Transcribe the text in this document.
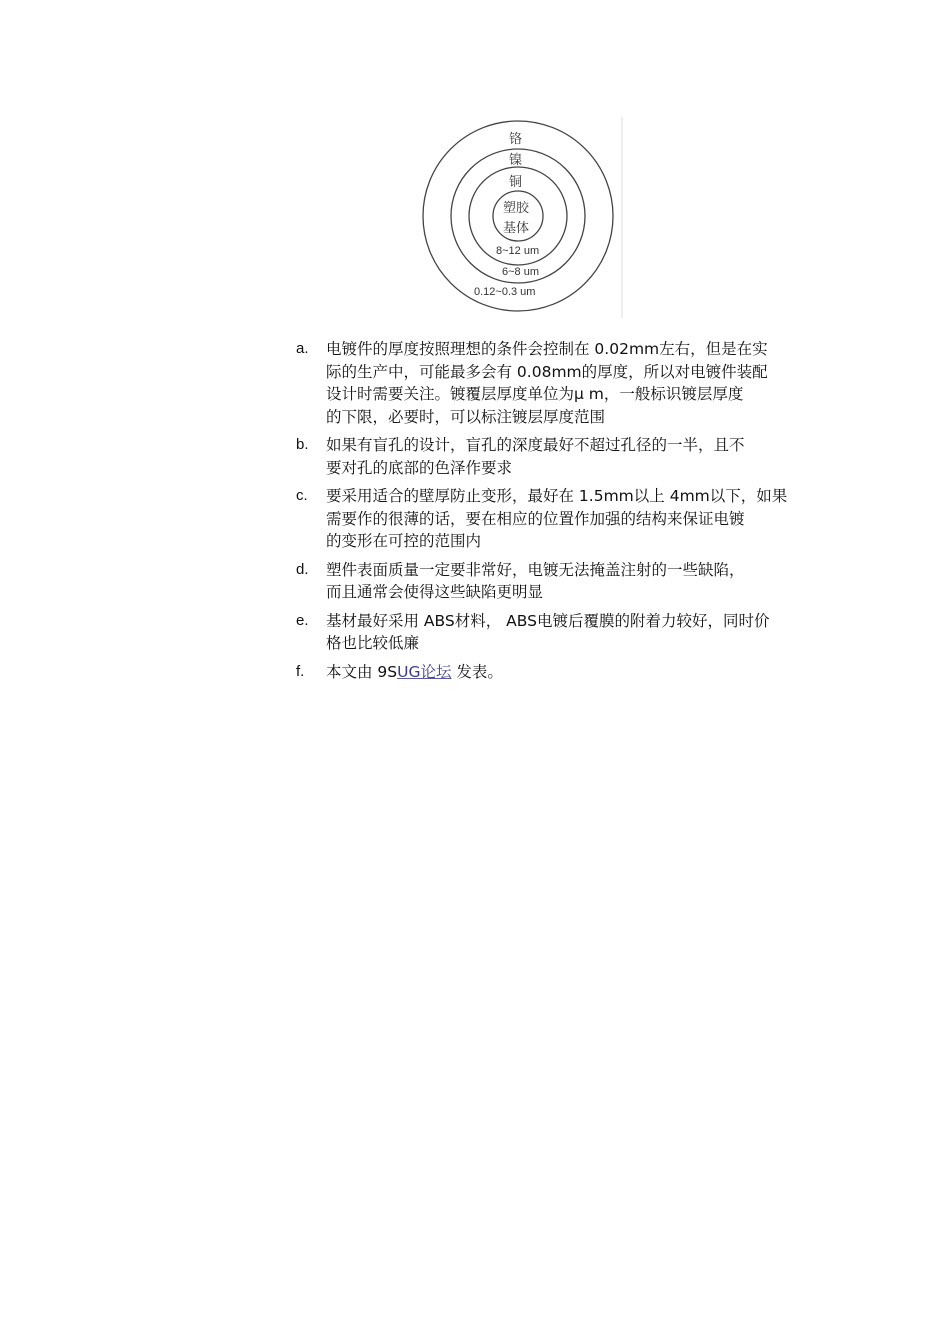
铬
镍
铜
塑胶
基体
8~12 um
6~8 um
0.12~0.3 um
a. 电镀件的厚度按照理想的条件会控制在 0.02mm左右，但是在实
际的生产中，可能最多会有 0.08mm的厚度，所以对电镀件装配
设计时需要关注。镀覆层厚度单位为µ m，一般标识镀层厚度
的下限，必要时，可以标注镀层厚度范围
b. 如果有盲孔的设计，盲孔的深度最好不超过孔径的一半，且不
要对孔的底部的色泽作要求
c. 要采用适合的壁厚防止变形，最好在 1.5mm以上 4mm以下，如果
需要作的很薄的话，要在相应的位置作加强的结构来保证电镀
的变形在可控的范围内
d. 塑件表面质量一定要非常好，电镀无法掩盖注射的一些缺陷，
而且通常会使得这些缺陷更明显
e. 基材最好采用 ABS材料， ABS电镀后覆膜的附着力较好，同时价
格也比较低廉
f. 本文由 9SUG论坛 发表。
